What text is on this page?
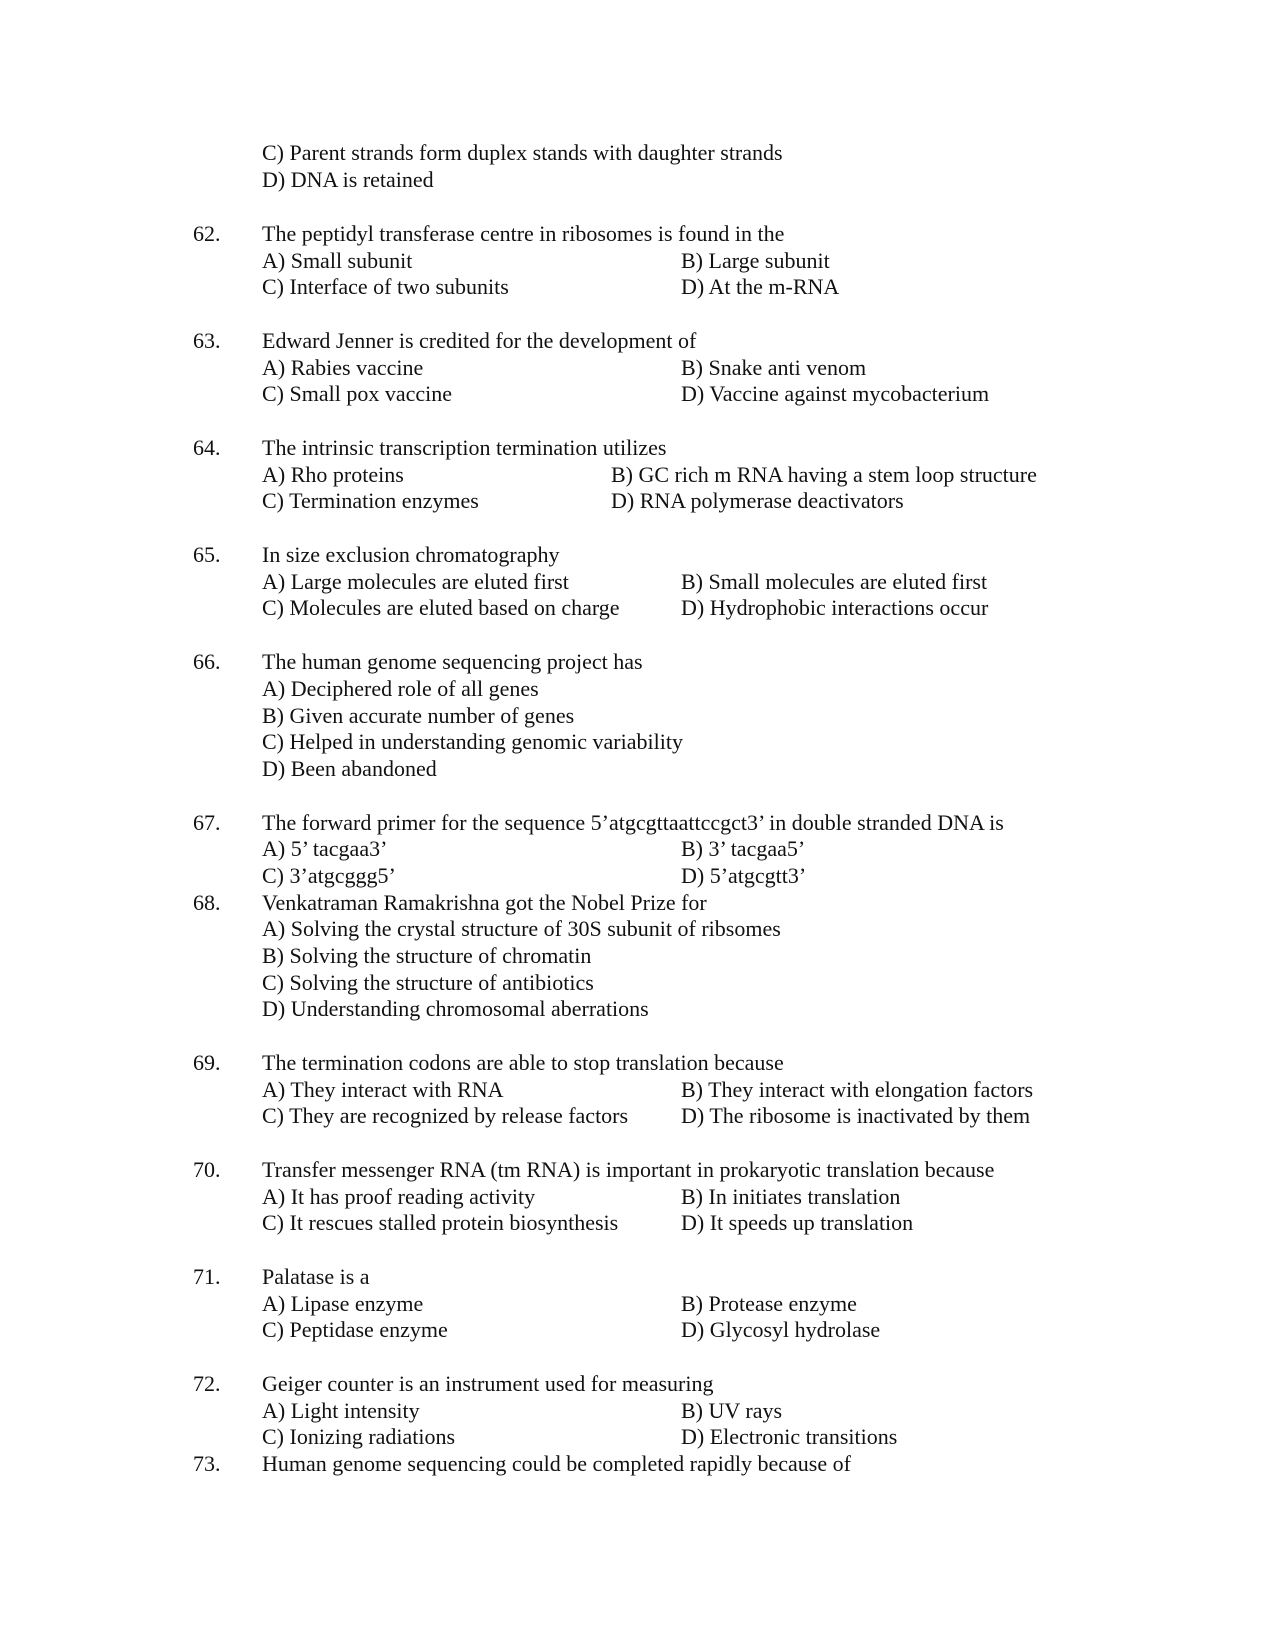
C) Parent strands form duplex stands with daughter strands
D) DNA is retained
62. The peptidyl transferase centre in ribosomes is found in the
A) Small subunit	B) Large subunit
C) Interface of two subunits	D) At the m-RNA
63. Edward Jenner is credited for the development of
A) Rabies vaccine	B) Snake anti venom
C) Small pox vaccine	D) Vaccine against mycobacterium
64. The intrinsic transcription termination utilizes
A) Rho proteins	B) GC rich m RNA having a stem loop structure
C) Termination enzymes	D) RNA polymerase deactivators
65. In size exclusion chromatography
A) Large molecules are eluted first	B) Small molecules are eluted first
C) Molecules are eluted based on charge	D) Hydrophobic interactions occur
66. The human genome sequencing project has
A) Deciphered role of all genes
B) Given accurate number of genes
C) Helped in understanding genomic variability
D) Been abandoned
67. The forward primer for the sequence 5’atgcgttaattccgct3’ in double stranded DNA is
A) 5’ tacgaa3’	B) 3’ tacgaa5’
C) 3’atgcggg5’	D) 5’atgcgtt3’
68. Venkatraman Ramakrishna got the Nobel Prize for
A) Solving the crystal structure of 30S subunit of ribsomes
B) Solving the structure of chromatin
C) Solving the structure of antibiotics
D) Understanding chromosomal aberrations
69. The termination codons are able to stop translation because
A) They interact with RNA	B) They interact with elongation factors
C) They are recognized by release factors D) The ribosome is inactivated by them
70. Transfer messenger RNA (tm RNA) is important in prokaryotic translation because
A) It has proof reading activity	B) In initiates translation
C) It rescues stalled protein biosynthesis	D) It speeds up translation
71. Palatase is a
A) Lipase enzyme	B) Protease enzyme
C) Peptidase enzyme	D) Glycosyl hydrolase
72. Geiger counter is an instrument used for measuring
A) Light intensity	B) UV rays
C) Ionizing radiations	D) Electronic transitions
73. Human genome sequencing could be completed rapidly because of
